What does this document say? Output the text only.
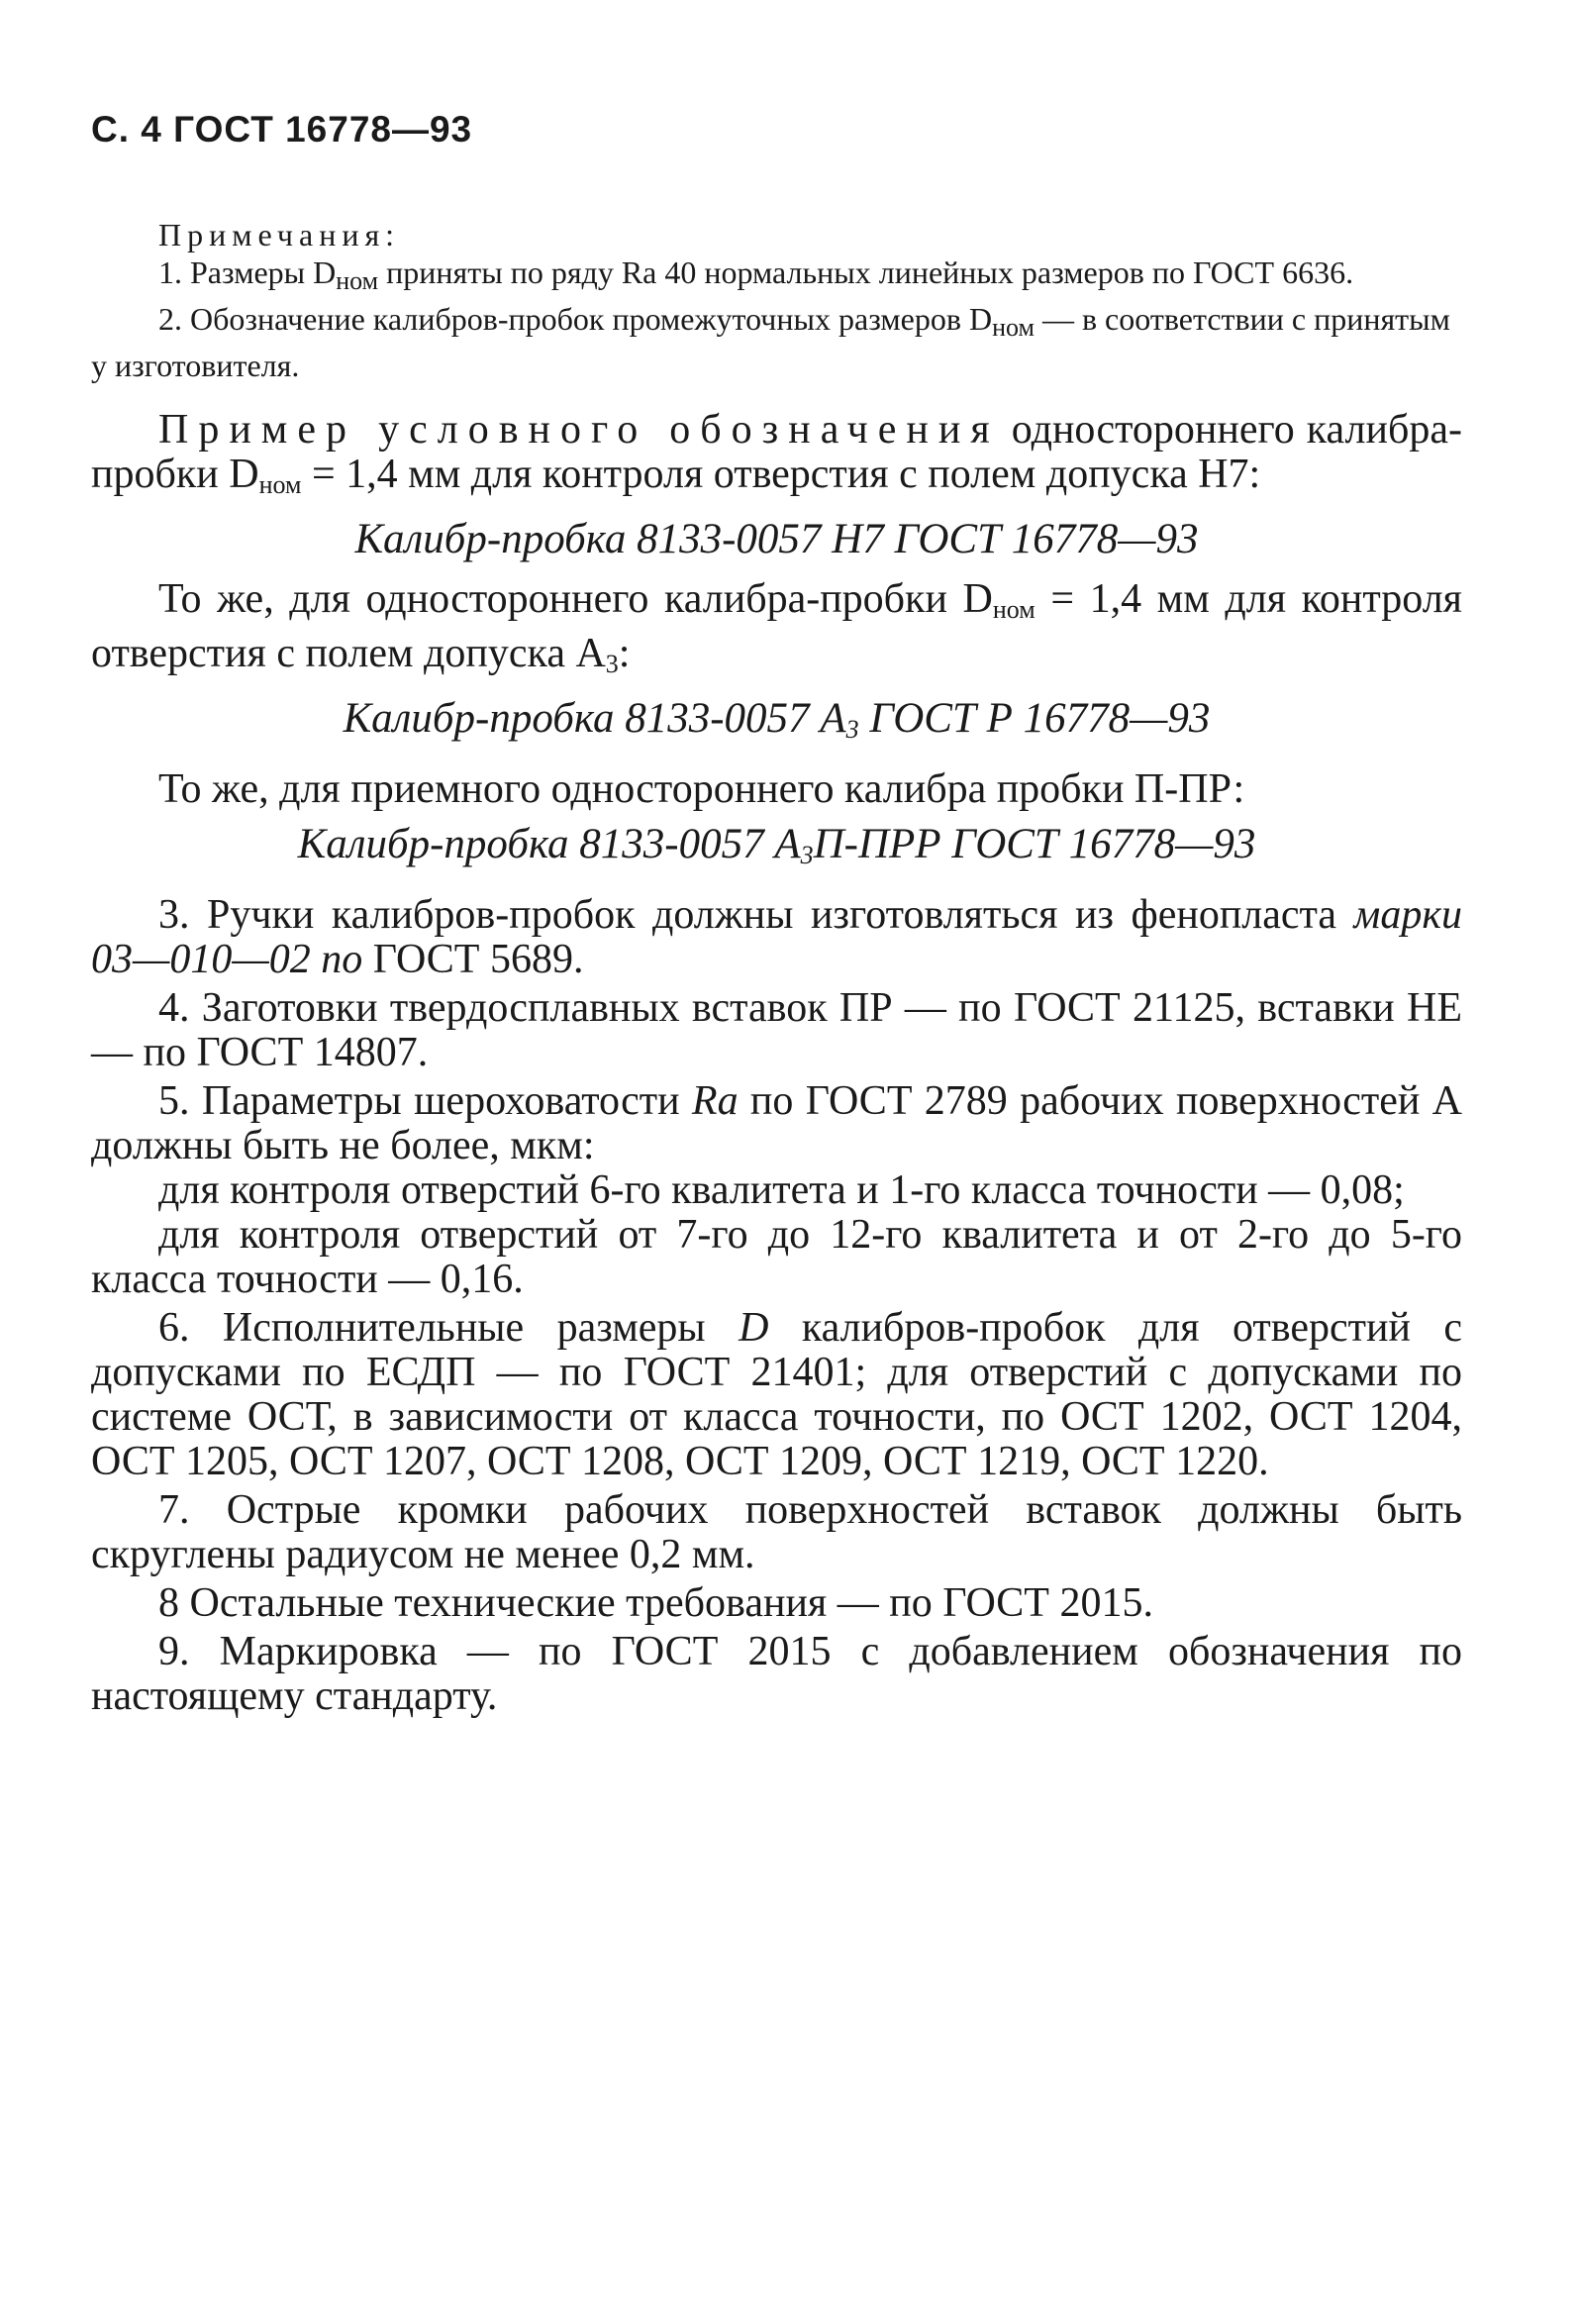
С. 4 ГОСТ 16778—93

Примечания:

1. Размеры $D_{ном}$ приняты по ряду Ra 40 нормальных линейных размеров по ГОСТ 6636.

2. Обозначение калибров-пробок промежуточных размеров $D_{ном}$ — в соответствии с принятым у изготовителя.

Пример условного обозначения одностороннего калибра-пробки $D_{ном} = 1,4$ мм для контроля отверстия с полем допуска H7:

Калибр-пробка 8133-0057 H7 ГОСТ 16778—93

То же, для одностороннего калибра-пробки $D_{ном} = 1,4$ мм для контроля отверстия с полем допуска $A_3$:

Калибр-пробка 8133-0057 $A_3$ ГОСТ Р 16778—93

То же, для приемного одностороннего калибра пробки П-ПР:

Калибр-пробка 8133-0057 $A_3П$-ПРР ГОСТ 16778—93

3. Ручки калибров-пробок должны изготовляться из фенопласта марки 03—010—02 по ГОСТ 5689.

4. Заготовки твердосплавных вставок ПР — по ГОСТ 21125, вставки НЕ — по ГОСТ 14807.

5. Параметры шероховатости Ra по ГОСТ 2789 рабочих поверхностей А должны быть не более, мкм:

для контроля отверстий 6-го квалитета и 1-го класса точности — 0,08;

для контроля отверстий от 7-го до 12-го квалитета и от 2-го до 5-го класса точности — 0,16.

6. Исполнительные размеры D калибров-пробок для отверстий с допусками по ЕСДП — по ГОСТ 21401; для отверстий с допусками по системе ОСТ, в зависимости от класса точности, по ОСТ 1202, ОСТ 1204, ОСТ 1205, ОСТ 1207, ОСТ 1208, ОСТ 1209, ОСТ 1219, ОСТ 1220.

7. Острые кромки рабочих поверхностей вставок должны быть скруглены радиусом не менее 0,2 мм.

8 Остальные технические требования — по ГОСТ 2015.

9. Маркировка — по ГОСТ 2015 с добавлением обозначения по настоящему стандарту.
